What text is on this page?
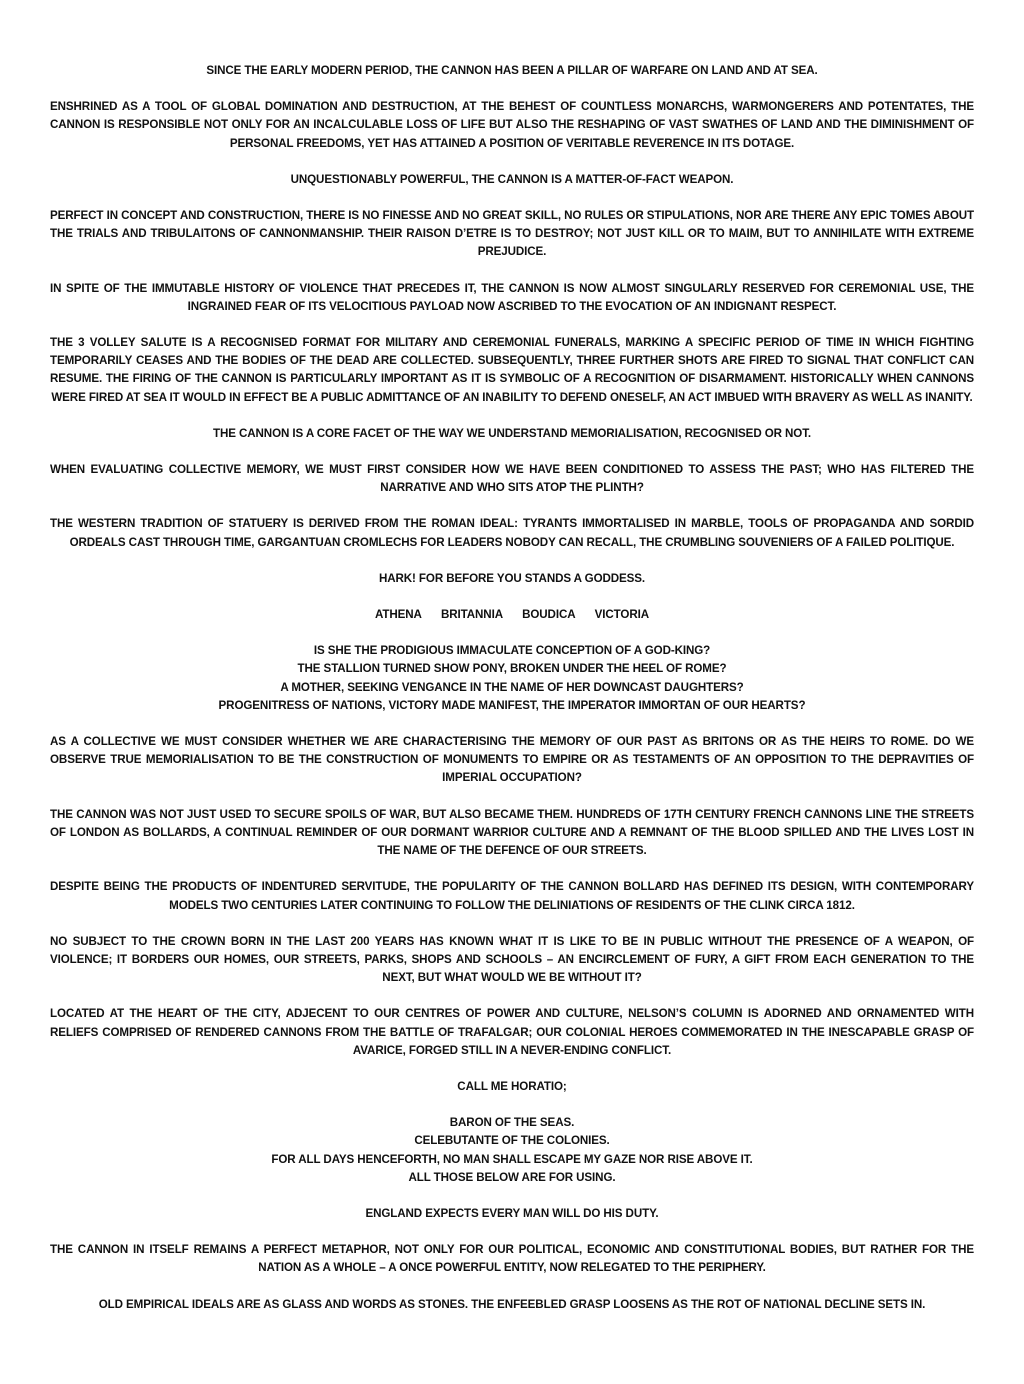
SINCE THE EARLY MODERN PERIOD, THE CANNON HAS BEEN A PILLAR OF WARFARE ON LAND AND AT SEA.

ENSHRINED AS A TOOL OF GLOBAL DOMINATION AND DESTRUCTION, AT THE BEHEST OF COUNTLESS MONARCHS, WARMONGERERS AND POTENTATES, THE CANNON IS RESPONSIBLE NOT ONLY FOR AN INCALCULABLE LOSS OF LIFE BUT ALSO THE RESHAPING OF VAST SWATHES OF LAND AND THE DIMINISHMENT OF PERSONAL FREEDOMS, YET HAS ATTAINED A POSITION OF VERITABLE REVERENCE IN ITS DOTAGE.

UNQUESTIONABLY POWERFUL, THE CANNON IS A MATTER-OF-FACT WEAPON.

PERFECT IN CONCEPT AND CONSTRUCTION, THERE IS NO FINESSE AND NO GREAT SKILL, NO RULES OR STIPULATIONS, NOR ARE THERE ANY EPIC TOMES ABOUT THE TRIALS AND TRIBULAITONS OF CANNONMANSHIP. THEIR RAISON D’ETRE IS TO DESTROY; NOT JUST KILL OR TO MAIM, BUT TO ANNIHILATE WITH EXTREME PREJUDICE.

IN SPITE OF THE IMMUTABLE HISTORY OF VIOLENCE THAT PRECEDES IT, THE CANNON IS NOW ALMOST SINGULARLY RESERVED FOR CEREMONIAL USE, THE INGRAINED FEAR OF ITS VELOCITIOUS PAYLOAD NOW ASCRIBED TO THE EVOCATION OF AN INDIGNANT RESPECT.

THE 3 VOLLEY SALUTE IS A RECOGNISED FORMAT FOR MILITARY AND CEREMONIAL FUNERALS, MARKING A SPECIFIC PERIOD OF TIME IN WHICH FIGHTING TEMPORARILY CEASES AND THE BODIES OF THE DEAD ARE COLLECTED. SUBSEQUENTLY, THREE FURTHER SHOTS ARE FIRED TO SIGNAL THAT CONFLICT CAN RESUME. THE FIRING OF THE CANNON IS PARTICULARLY IMPORTANT AS IT IS SYMBOLIC OF A RECOGNITION OF DISARMAMENT. HISTORICALLY WHEN CANNONS WERE FIRED AT SEA IT WOULD IN EFFECT BE A PUBLIC ADMITTANCE OF AN INABILITY TO DEFEND ONESELF, AN ACT IMBUED WITH BRAVERY AS WELL AS INANITY.

THE CANNON IS A CORE FACET OF THE WAY WE UNDERSTAND MEMORIALISATION, RECOGNISED OR NOT.

WHEN EVALUATING COLLECTIVE MEMORY, WE MUST FIRST CONSIDER HOW WE HAVE BEEN CONDITIONED TO ASSESS THE PAST; WHO HAS FILTERED THE NARRATIVE AND WHO SITS ATOP THE PLINTH?

THE WESTERN TRADITION OF STATUERY IS DERIVED FROM THE ROMAN IDEAL: TYRANTS IMMORTALISED IN MARBLE, TOOLS OF PROPAGANDA AND SORDID ORDEALS CAST THROUGH TIME, GARGANTUAN CROMLECHS FOR LEADERS NOBODY CAN RECALL, THE CRUMBLING SOUVENIERS OF A FAILED POLITIQUE.

HARK! FOR BEFORE YOU STANDS A GODDESS.

ATHENA BRITANNIA BOUDICA VICTORIA

IS SHE THE PRODIGIOUS IMMACULATE CONCEPTION OF A GOD-KING?
THE STALLION TURNED SHOW PONY, BROKEN UNDER THE HEEL OF ROME?
A MOTHER, SEEKING VENGANCE IN THE NAME OF HER DOWNCAST DAUGHTERS?
PROGENITRESS OF NATIONS, VICTORY MADE MANIFEST, THE IMPERATOR IMMORTAN OF OUR HEARTS?

AS A COLLECTIVE WE MUST CONSIDER WHETHER WE ARE CHARACTERISING THE MEMORY OF OUR PAST AS BRITONS OR AS THE HEIRS TO ROME. DO WE OBSERVE TRUE MEMORIALISATION TO BE THE CONSTRUCTION OF MONUMENTS TO EMPIRE OR AS TESTAMENTS OF AN OPPOSITION TO THE DEPRAVITIES OF IMPERIAL OCCUPATION?

THE CANNON WAS NOT JUST USED TO SECURE SPOILS OF WAR, BUT ALSO BECAME THEM. HUNDREDS OF 17TH CENTURY FRENCH CANNONS LINE THE STREETS OF LONDON AS BOLLARDS, A CONTINUAL REMINDER OF OUR DORMANT WARRIOR CULTURE AND A REMNANT OF THE BLOOD SPILLED AND THE LIVES LOST IN THE NAME OF THE DEFENCE OF OUR STREETS.

DESPITE BEING THE PRODUCTS OF INDENTURED SERVITUDE, THE POPULARITY OF THE CANNON BOLLARD HAS DEFINED ITS DESIGN, WITH CONTEMPORARY MODELS TWO CENTURIES LATER CONTINUING TO FOLLOW THE DELINIATIONS OF RESIDENTS OF THE CLINK CIRCA 1812.

NO SUBJECT TO THE CROWN BORN IN THE LAST 200 YEARS HAS KNOWN WHAT IT IS LIKE TO BE IN PUBLIC WITHOUT THE PRESENCE OF A WEAPON, OF VIOLENCE; IT BORDERS OUR HOMES, OUR STREETS, PARKS, SHOPS AND SCHOOLS – AN ENCIRCLEMENT OF FURY, A GIFT FROM EACH GENERATION TO THE NEXT, BUT WHAT WOULD WE BE WITHOUT IT?

LOCATED AT THE HEART OF THE CITY, ADJECENT TO OUR CENTRES OF POWER AND CULTURE, NELSON’S COLUMN IS ADORNED AND ORNAMENTED WITH RELIEFS COMPRISED OF RENDERED CANNONS FROM THE BATTLE OF TRAFALGAR; OUR COLONIAL HEROES COMMEMORATED IN THE INESCAPABLE GRASP OF AVARICE, FORGED STILL IN A NEVER-ENDING CONFLICT.

CALL ME HORATIO;

BARON OF THE SEAS.
CELEBUTANTE OF THE COLONIES.
FOR ALL DAYS HENCEFORTH, NO MAN SHALL ESCAPE MY GAZE NOR RISE ABOVE IT.
ALL THOSE BELOW ARE FOR USING.

ENGLAND EXPECTS EVERY MAN WILL DO HIS DUTY.

THE CANNON IN ITSELF REMAINS A PERFECT METAPHOR, NOT ONLY FOR OUR POLITICAL, ECONOMIC AND CONSTITUTIONAL BODIES, BUT RATHER FOR THE NATION AS A WHOLE – A ONCE POWERFUL ENTITY, NOW RELEGATED TO THE PERIPHERY.

OLD EMPIRICAL IDEALS ARE AS GLASS AND WORDS AS STONES. THE ENFEEBLED GRASP LOOSENS AS THE ROT OF NATIONAL DECLINE SETS IN.
